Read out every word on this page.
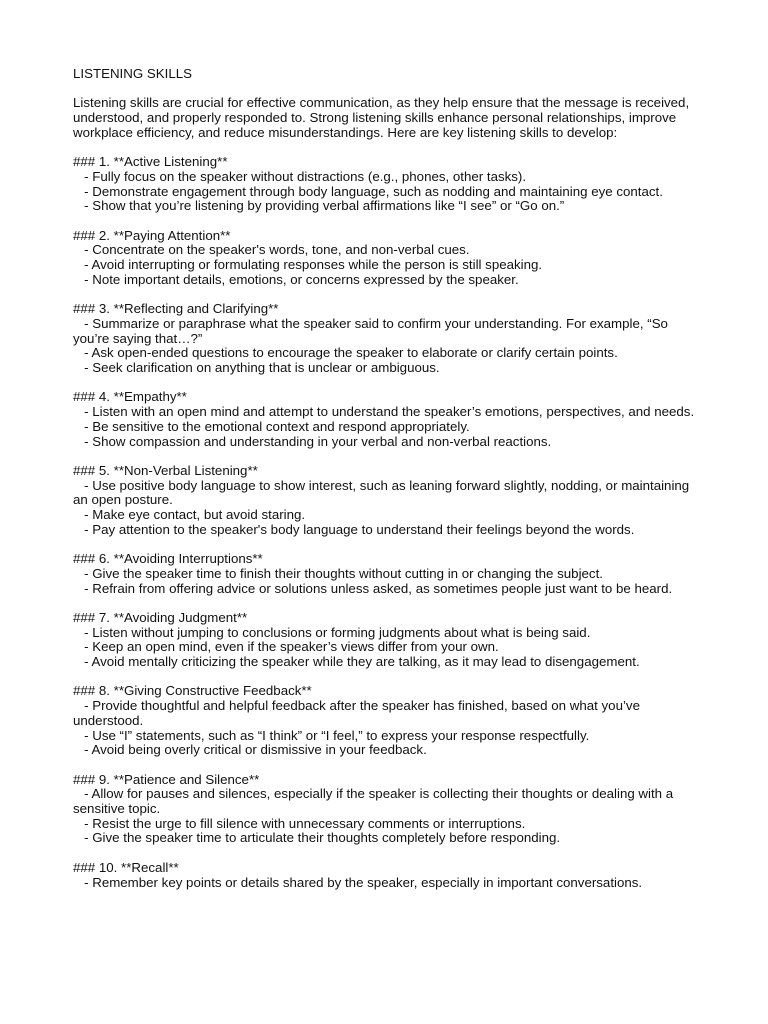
LISTENING SKILLS
Listening skills are crucial for effective communication, as they help ensure that the message is received, understood, and properly responded to. Strong listening skills enhance personal relationships, improve workplace efficiency, and reduce misunderstandings. Here are key listening skills to develop:
### 1. **Active Listening**
- Fully focus on the speaker without distractions (e.g., phones, other tasks).
- Demonstrate engagement through body language, such as nodding and maintaining eye contact.
- Show that you’re listening by providing verbal affirmations like “I see” or “Go on.”
### 2. **Paying Attention**
- Concentrate on the speaker's words, tone, and non-verbal cues.
- Avoid interrupting or formulating responses while the person is still speaking.
- Note important details, emotions, or concerns expressed by the speaker.
### 3. **Reflecting and Clarifying**
- Summarize or paraphrase what the speaker said to confirm your understanding. For example, “So you’re saying that…?”
- Ask open-ended questions to encourage the speaker to elaborate or clarify certain points.
- Seek clarification on anything that is unclear or ambiguous.
### 4. **Empathy**
- Listen with an open mind and attempt to understand the speaker’s emotions, perspectives, and needs.
- Be sensitive to the emotional context and respond appropriately.
- Show compassion and understanding in your verbal and non-verbal reactions.
### 5. **Non-Verbal Listening**
- Use positive body language to show interest, such as leaning forward slightly, nodding, or maintaining an open posture.
- Make eye contact, but avoid staring.
- Pay attention to the speaker's body language to understand their feelings beyond the words.
### 6. **Avoiding Interruptions**
- Give the speaker time to finish their thoughts without cutting in or changing the subject.
- Refrain from offering advice or solutions unless asked, as sometimes people just want to be heard.
### 7. **Avoiding Judgment**
- Listen without jumping to conclusions or forming judgments about what is being said.
- Keep an open mind, even if the speaker’s views differ from your own.
- Avoid mentally criticizing the speaker while they are talking, as it may lead to disengagement.
### 8. **Giving Constructive Feedback**
- Provide thoughtful and helpful feedback after the speaker has finished, based on what you’ve understood.
- Use “I” statements, such as “I think” or “I feel,” to express your response respectfully.
- Avoid being overly critical or dismissive in your feedback.
### 9. **Patience and Silence**
- Allow for pauses and silences, especially if the speaker is collecting their thoughts or dealing with a sensitive topic.
- Resist the urge to fill silence with unnecessary comments or interruptions.
- Give the speaker time to articulate their thoughts completely before responding.
### 10. **Recall**
- Remember key points or details shared by the speaker, especially in important conversations.
